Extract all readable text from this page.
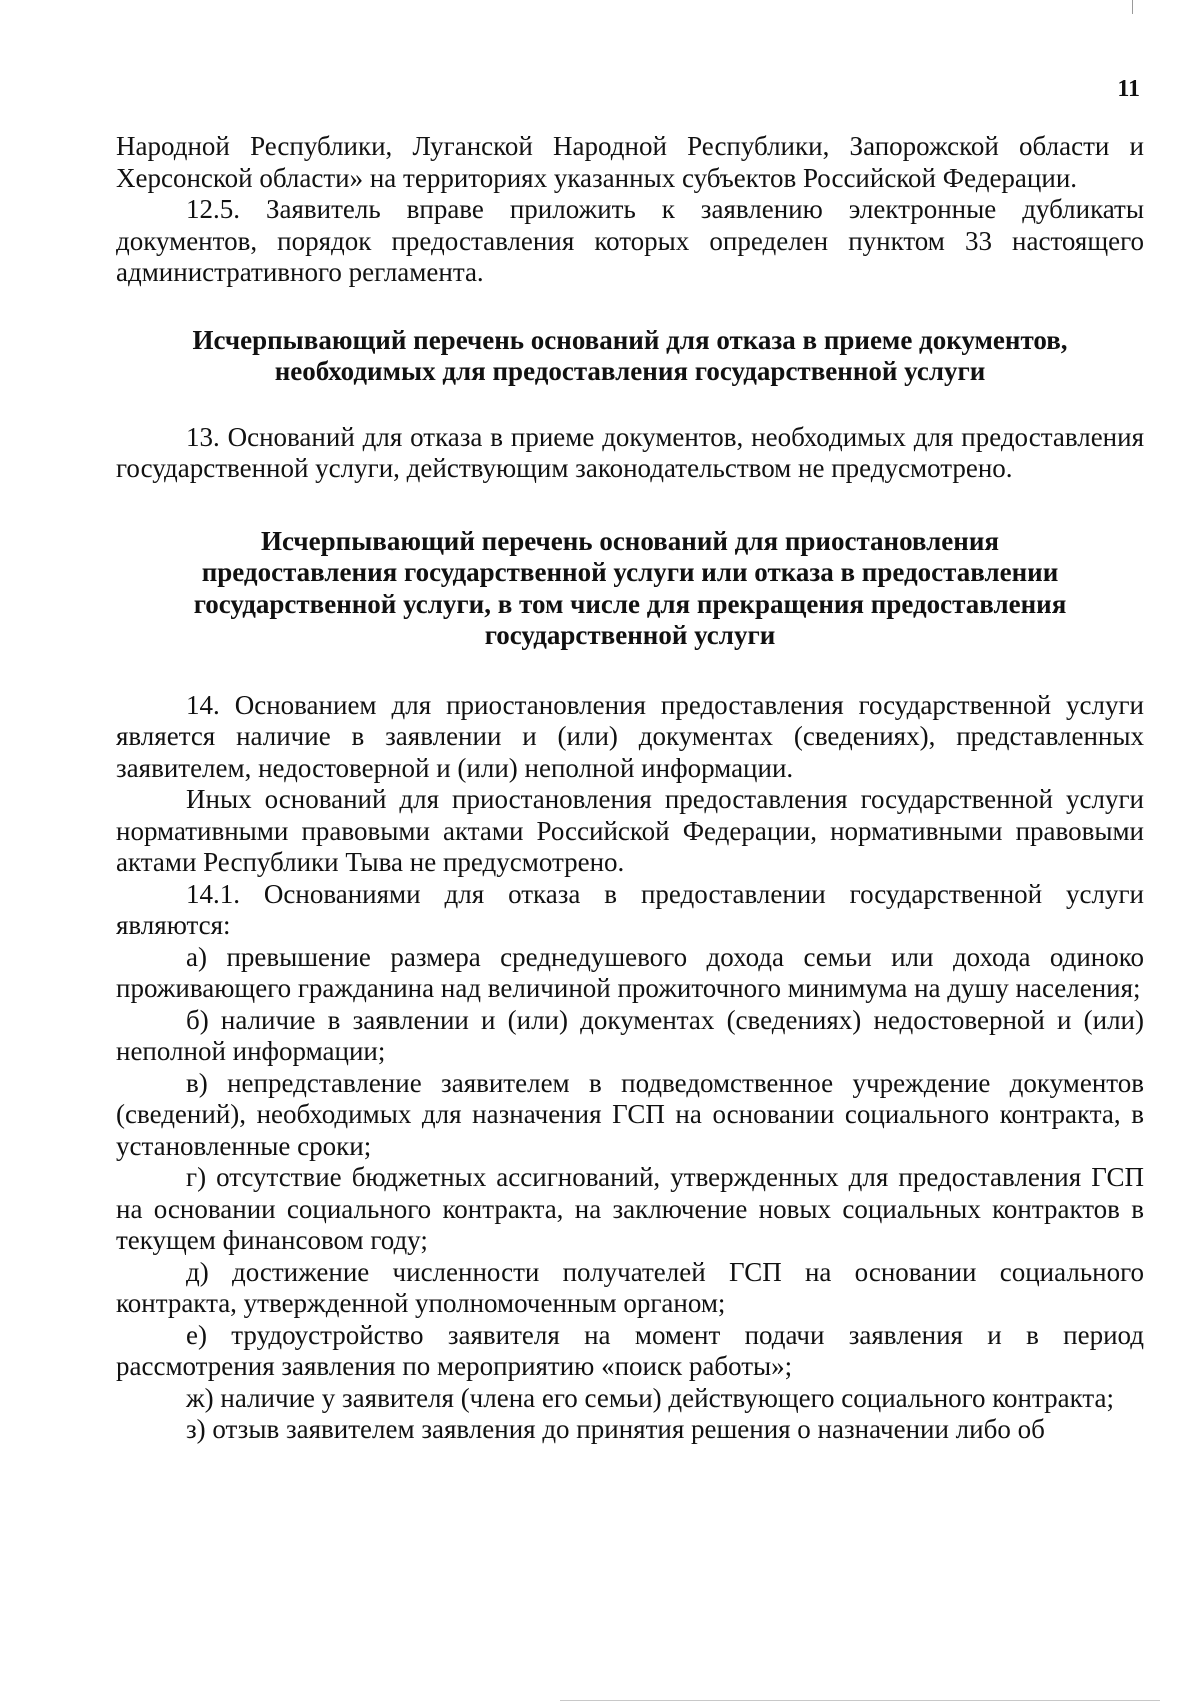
11

Народной Республики, Луганской Народной Республики, Запорожской области и Херсонской области» на территориях указанных субъектов Российской Федерации.

12.5. Заявитель вправе приложить к заявлению электронные дубликаты документов, порядок предоставления которых определен пунктом 33 настоящего административного регламента.

Исчерпывающий перечень оснований для отказа в приеме документов,
необходимых для предоставления государственной услуги

13. Оснований для отказа в приеме документов, необходимых для предоставления государственной услуги, действующим законодательством не предусмотрено.

Исчерпывающий перечень оснований для приостановления
предоставления государственной услуги или отказа в предоставлении
государственной услуги, в том числе для прекращения предоставления
государственной услуги

14. Основанием для приостановления предоставления государственной услуги является наличие в заявлении и (или) документах (сведениях), представленных заявителем, недостоверной и (или) неполной информации.

Иных оснований для приостановления предоставления государственной услуги нормативными правовыми актами Российской Федерации, нормативными правовыми актами Республики Тыва не предусмотрено.

14.1. Основаниями для отказа в предоставлении государственной услуги являются:

а) превышение размера среднедушевого дохода семьи или дохода одиноко проживающего гражданина над величиной прожиточного минимума на душу населения;

б) наличие в заявлении и (или) документах (сведениях) недостоверной и (или) неполной информации;

в) непредставление заявителем в подведомственное учреждение документов (сведений), необходимых для назначения ГСП на основании социального контракта, в установленные сроки;

г) отсутствие бюджетных ассигнований, утвержденных для предоставления ГСП на основании социального контракта, на заключение новых социальных контрактов в текущем финансовом году;

д) достижение численности получателей ГСП на основании социального контракта, утвержденной уполномоченным органом;

е) трудоустройство заявителя на момент подачи заявления и в период рассмотрения заявления по мероприятию «поиск работы»;

ж) наличие у заявителя (члена его семьи) действующего социального контракта;

з) отзыв заявителем заявления до принятия решения о назначении либо об
